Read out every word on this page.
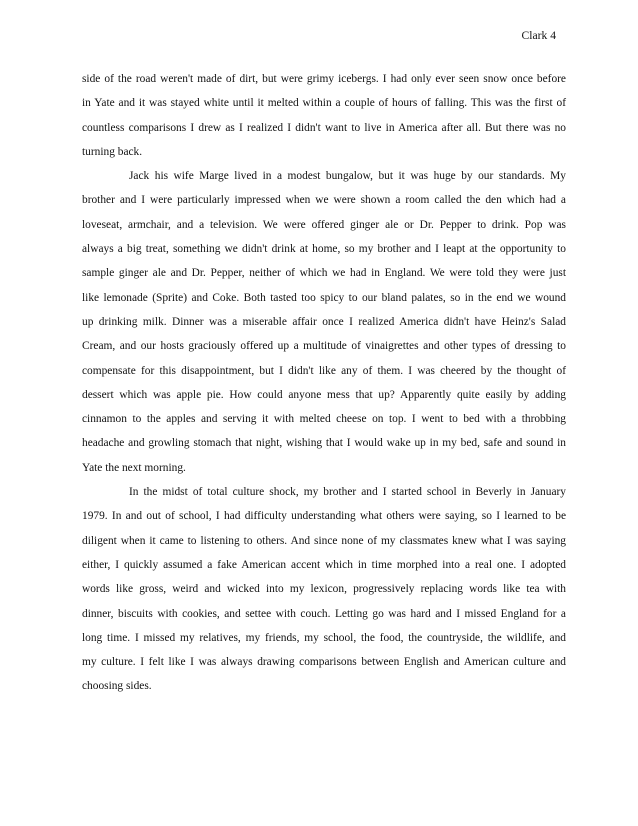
Clark 4
side of the road weren't made of dirt, but were grimy icebergs. I had only ever seen snow once before
in Yate and it was stayed white until it melted within a couple of hours of falling. This was the first of
countless comparisons I drew as I realized I didn't want to live in America after all. But there was no
turning back.
Jack his wife Marge lived in a modest bungalow, but it was huge by our standards. My
brother and I were particularly impressed when we were shown a room called the den which had a
loveseat, armchair, and a television. We were offered ginger ale or Dr. Pepper to drink. Pop was
always a big treat, something we didn't drink at home, so my brother and I leapt at the opportunity to
sample ginger ale and Dr. Pepper, neither of which we had in England. We were told they were just
like lemonade (Sprite) and Coke. Both tasted too spicy to our bland palates, so in the end we wound
up drinking milk. Dinner was a miserable affair once I realized America didn't have Heinz's Salad
Cream, and our hosts graciously offered up a multitude of vinaigrettes and other types of dressing to
compensate for this disappointment, but I didn't like any of them. I was cheered by the thought of
dessert which was apple pie. How could anyone mess that up? Apparently quite easily by adding
cinnamon to the apples and serving it with melted cheese on top. I went to bed with a throbbing
headache and growling stomach that night, wishing that I would wake up in my bed, safe and sound in
Yate the next morning.
In the midst of total culture shock, my brother and I started school in Beverly in January
1979. In and out of school, I had difficulty understanding what others were saying, so I learned to be
diligent when it came to listening to others. And since none of my classmates knew what I was saying
either, I quickly assumed a fake American accent which in time morphed into a real one. I adopted
words like gross, weird and wicked into my lexicon, progressively replacing words like tea with
dinner, biscuits with cookies, and settee with couch. Letting go was hard and I missed England for a
long time. I missed my relatives, my friends, my school, the food, the countryside, the wildlife, and
my culture. I felt like I was always drawing comparisons between English and American culture and
choosing sides.
